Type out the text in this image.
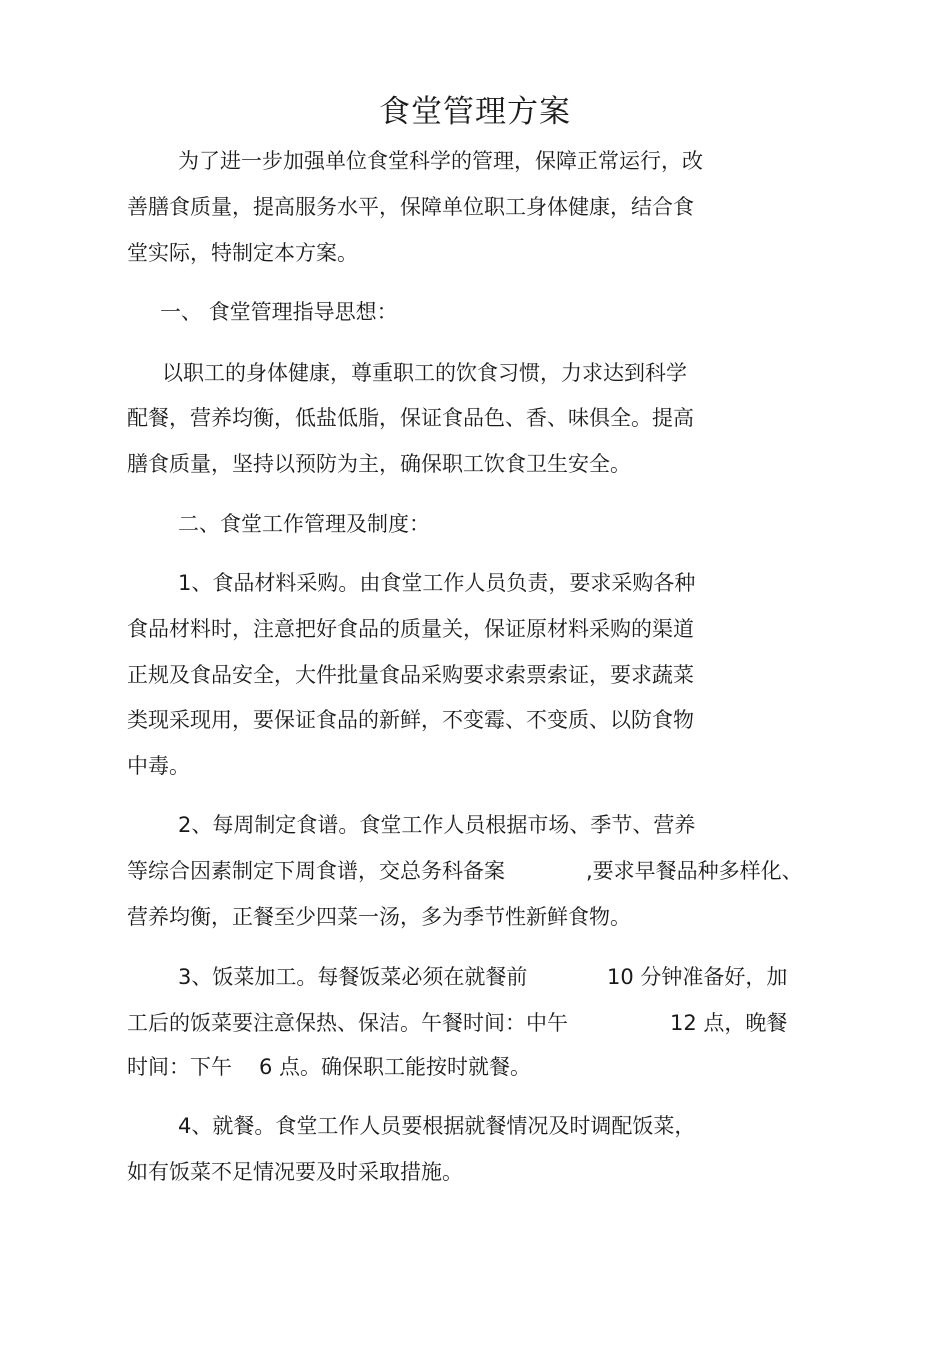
食堂管理方案

为了进一步加强单位食堂科学的管理，保障正常运行，改

善膳食质量，提高服务水平，保障单位职工身体健康，结合食

堂实际，特制定本方案。

一、 食堂管理指导思想：

以职工的身体健康，尊重职工的饮食习惯，力求达到科学

配餐，营养均衡，低盐低脂，保证食品色、香、味俱全。提高

膳食质量，坚持以预防为主，确保职工饮食卫生安全。

二、食堂工作管理及制度：

1、食品材料采购。由食堂工作人员负责，要求采购各种

食品材料时，注意把好食品的质量关，保证原材料采购的渠道

正规及食品安全，大件批量食品采购要求索票索证，要求蔬菜

类现采现用，要保证食品的新鲜，不变霉、不变质、以防食物

中毒。

2、每周制定食谱。食堂工作人员根据市场、季节、营养

等综合因素制定下周食谱，交总务科备案	,要求早餐品种多样化、

营养均衡，正餐至少四菜一汤，多为季节性新鲜食物。

3、饭菜加工。每餐饭菜必须在就餐前	10 分钟准备好，加

工后的饭菜要注意保热、保洁。午餐时间：中午	12 点，晚餐

时间：下午 6 点。确保职工能按时就餐。

4、就餐。食堂工作人员要根据就餐情况及时调配饭菜，

如有饭菜不足情况要及时采取措施。
